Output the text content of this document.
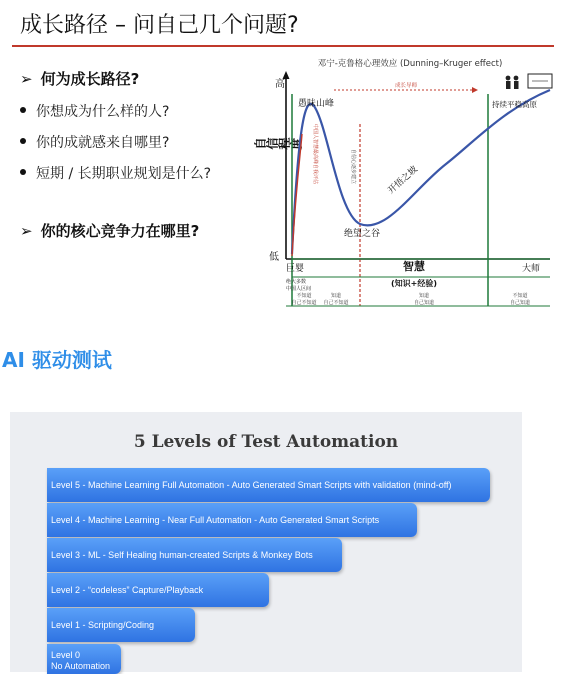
成长路径 – 问自己几个问题?
➢ 何为成长路径?
你想成为什么样的人?
你的成就感来自哪里?
短期 / 长期职业规划是什么?
➢ 你的核心竞争力在哪里?
邓宁-克鲁格心理效应 (Dunning–Kruger effect)
高
低
自信程度
成长导师
愚昧山峰
绝望之谷
开悟之坡
持续平稳高原
中国人智慧最高峰自我评估	自信心逐步建立
巨婴	大师
智慧
(知识+经验)
绝大多数
中国人区间
不知道
自己不知道
知道
自己不知道
知道
自己知道
不知道
自己知道
AI 驱动测试
5 Levels of Test Automation
Level 5 - Machine Learning Full Automation - Auto Generated Smart Scripts with validation (mind-off)
Level 4 - Machine Learning - Near Full Automation - Auto Generated Smart Scripts
Level 3 - ML - Self Healing human-created Scripts & Monkey Bots
Level 2 - “codeless” Capture/Playback
Level 1 - Scripting/Coding
Level 0
No Automation
